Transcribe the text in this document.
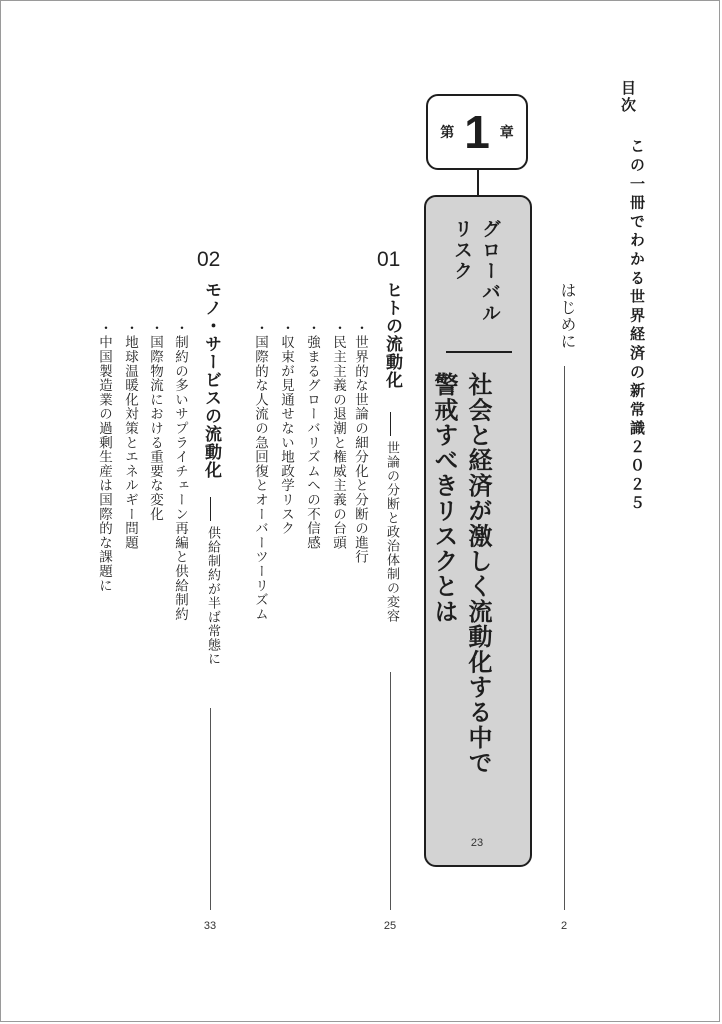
目次
この一冊でわかる世界経済の新常識２０２５
はじめに
2
第 1 章
グローバル
リスク
社会と経済が激しく流動化する中で
警戒すべきリスクとは
23
01
ヒトの流動化
世論の分断と政治体制の変容
25
・世界的な世論の細分化と分断の進行
・民主主義の退潮と権威主義の台頭
・強まるグローバリズムへの不信感
・収束が見通せない地政学リスク
・国際的な人流の急回復とオーバーツーリズム
02
モノ・サービスの流動化
供給制約が半ば常態に
33
・制約の多いサプライチェーン再編と供給制約
・国際物流における重要な変化
・地球温暖化対策とエネルギー問題
・中国製造業の過剰生産は国際的な課題に
